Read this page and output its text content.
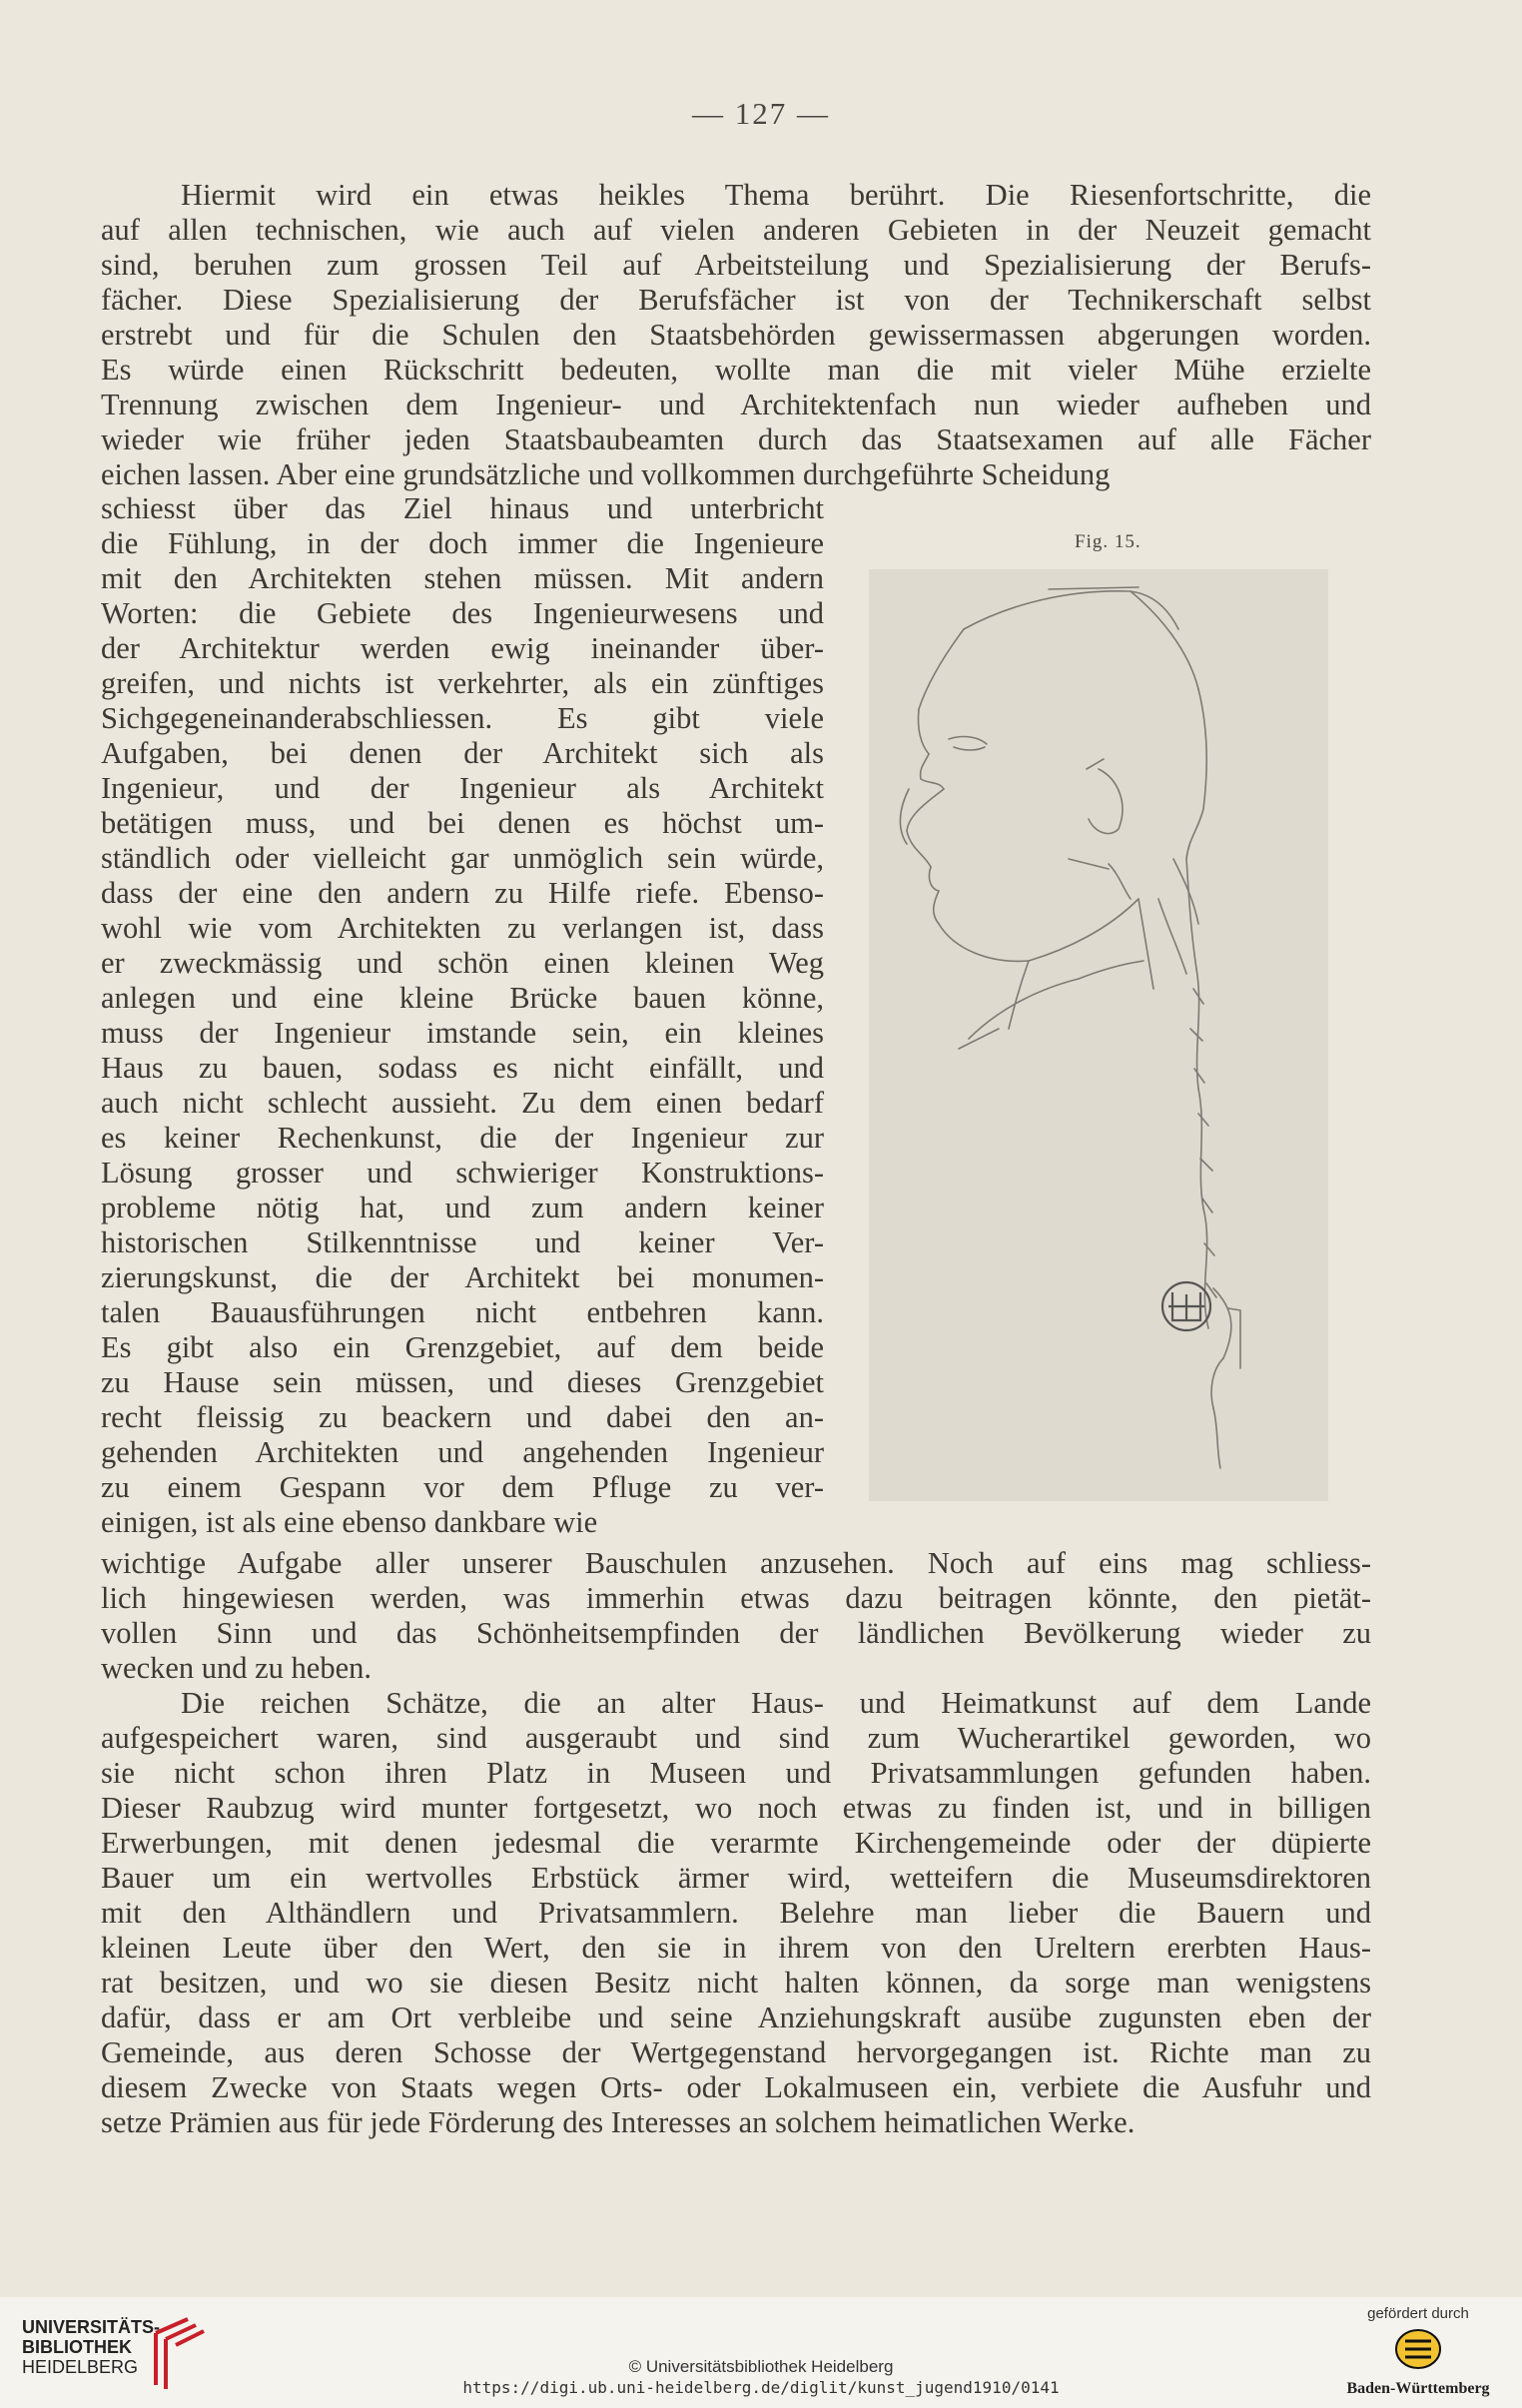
— 127 —
Hiermit wird ein etwas heikles Thema berührt. Die Riesenfortschritte, die
auf allen technischen, wie auch auf vielen anderen Gebieten in der Neuzeit gemacht
sind, beruhen zum grossen Teil auf Arbeitsteilung und Spezialisierung der Berufs-
fächer. Diese Spezialisierung der Berufsfächer ist von der Technikerschaft selbst
erstrebt und für die Schulen den Staatsbehörden gewissermassen abgerungen worden.
Es würde einen Rückschritt bedeuten, wollte man die mit vieler Mühe erzielte
Trennung zwischen dem Ingenieur- und Architektenfach nun wieder aufheben und
wieder wie früher jeden Staatsbaubeamten durch das Staatsexamen auf alle Fächer
eichen lassen. Aber eine grundsätzliche und vollkommen durchgeführte Scheidung
schiesst über das Ziel hinaus und unterbricht
die Fühlung, in der doch immer die Ingenieure
mit den Architekten stehen müssen. Mit andern
Worten: die Gebiete des Ingenieurwesens und
der Architektur werden ewig ineinander über-
greifen, und nichts ist verkehrter, als ein zünftiges
Sichgegeneinanderabschliessen. Es gibt viele
Aufgaben, bei denen der Architekt sich als
Ingenieur, und der Ingenieur als Architekt
betätigen muss, und bei denen es höchst um-
ständlich oder vielleicht gar unmöglich sein würde,
dass der eine den andern zu Hilfe riefe. Ebenso-
wohl wie vom Architekten zu verlangen ist, dass
er zweckmässig und schön einen kleinen Weg
anlegen und eine kleine Brücke bauen könne,
muss der Ingenieur imstande sein, ein kleines
Haus zu bauen, sodass es nicht einfällt, und
auch nicht schlecht aussieht. Zu dem einen bedarf
es keiner Rechenkunst, die der Ingenieur zur
Lösung grosser und schwieriger Konstruktions-
probleme nötig hat, und zum andern keiner
historischen Stilkenntnisse und keiner Ver-
zierungskunst, die der Architekt bei monumen-
talen Bauausführungen nicht entbehren kann.
Es gibt also ein Grenzgebiet, auf dem beide
zu Hause sein müssen, und dieses Grenzgebiet
recht fleissig zu beackern und dabei den an-
gehenden Architekten und angehenden Ingenieur
zu einem Gespann vor dem Pfluge zu ver-
einigen, ist als eine ebenso dankbare wie
Fig. 15.
wichtige Aufgabe aller unserer Bauschulen anzusehen. Noch auf eins mag schliess-
lich hingewiesen werden, was immerhin etwas dazu beitragen könnte, den pietät-
vollen Sinn und das Schönheitsempfinden der ländlichen Bevölkerung wieder zu
wecken und zu heben.
Die reichen Schätze, die an alter Haus- und Heimatkunst auf dem Lande
aufgespeichert waren, sind ausgeraubt und sind zum Wucherartikel geworden, wo
sie nicht schon ihren Platz in Museen und Privatsammlungen gefunden haben.
Dieser Raubzug wird munter fortgesetzt, wo noch etwas zu finden ist, und in billigen
Erwerbungen, mit denen jedesmal die verarmte Kirchengemeinde oder der düpierte
Bauer um ein wertvolles Erbstück ärmer wird, wetteifern die Museumsdirektoren
mit den Althändlern und Privatsammlern. Belehre man lieber die Bauern und
kleinen Leute über den Wert, den sie in ihrem von den Ureltern ererbten Haus-
rat besitzen, und wo sie diesen Besitz nicht halten können, da sorge man wenigstens
dafür, dass er am Ort verbleibe und seine Anziehungskraft ausübe zugunsten eben der
Gemeinde, aus deren Schosse der Wertgegenstand hervorgegangen ist. Richte man zu
diesem Zwecke von Staats wegen Orts- oder Lokalmuseen ein, verbiete die Ausfuhr und
setze Prämien aus für jede Förderung des Interesses an solchem heimatlichen Werke.
UNIVERSITÄTS-
BIBLIOTHEK
HEIDELBERG	© Universitätsbibliothek Heidelberg
https://digi.ub.uni-heidelberg.de/diglit/kunst_jugend1910/0141
gefördert durch
Baden-Württemberg
